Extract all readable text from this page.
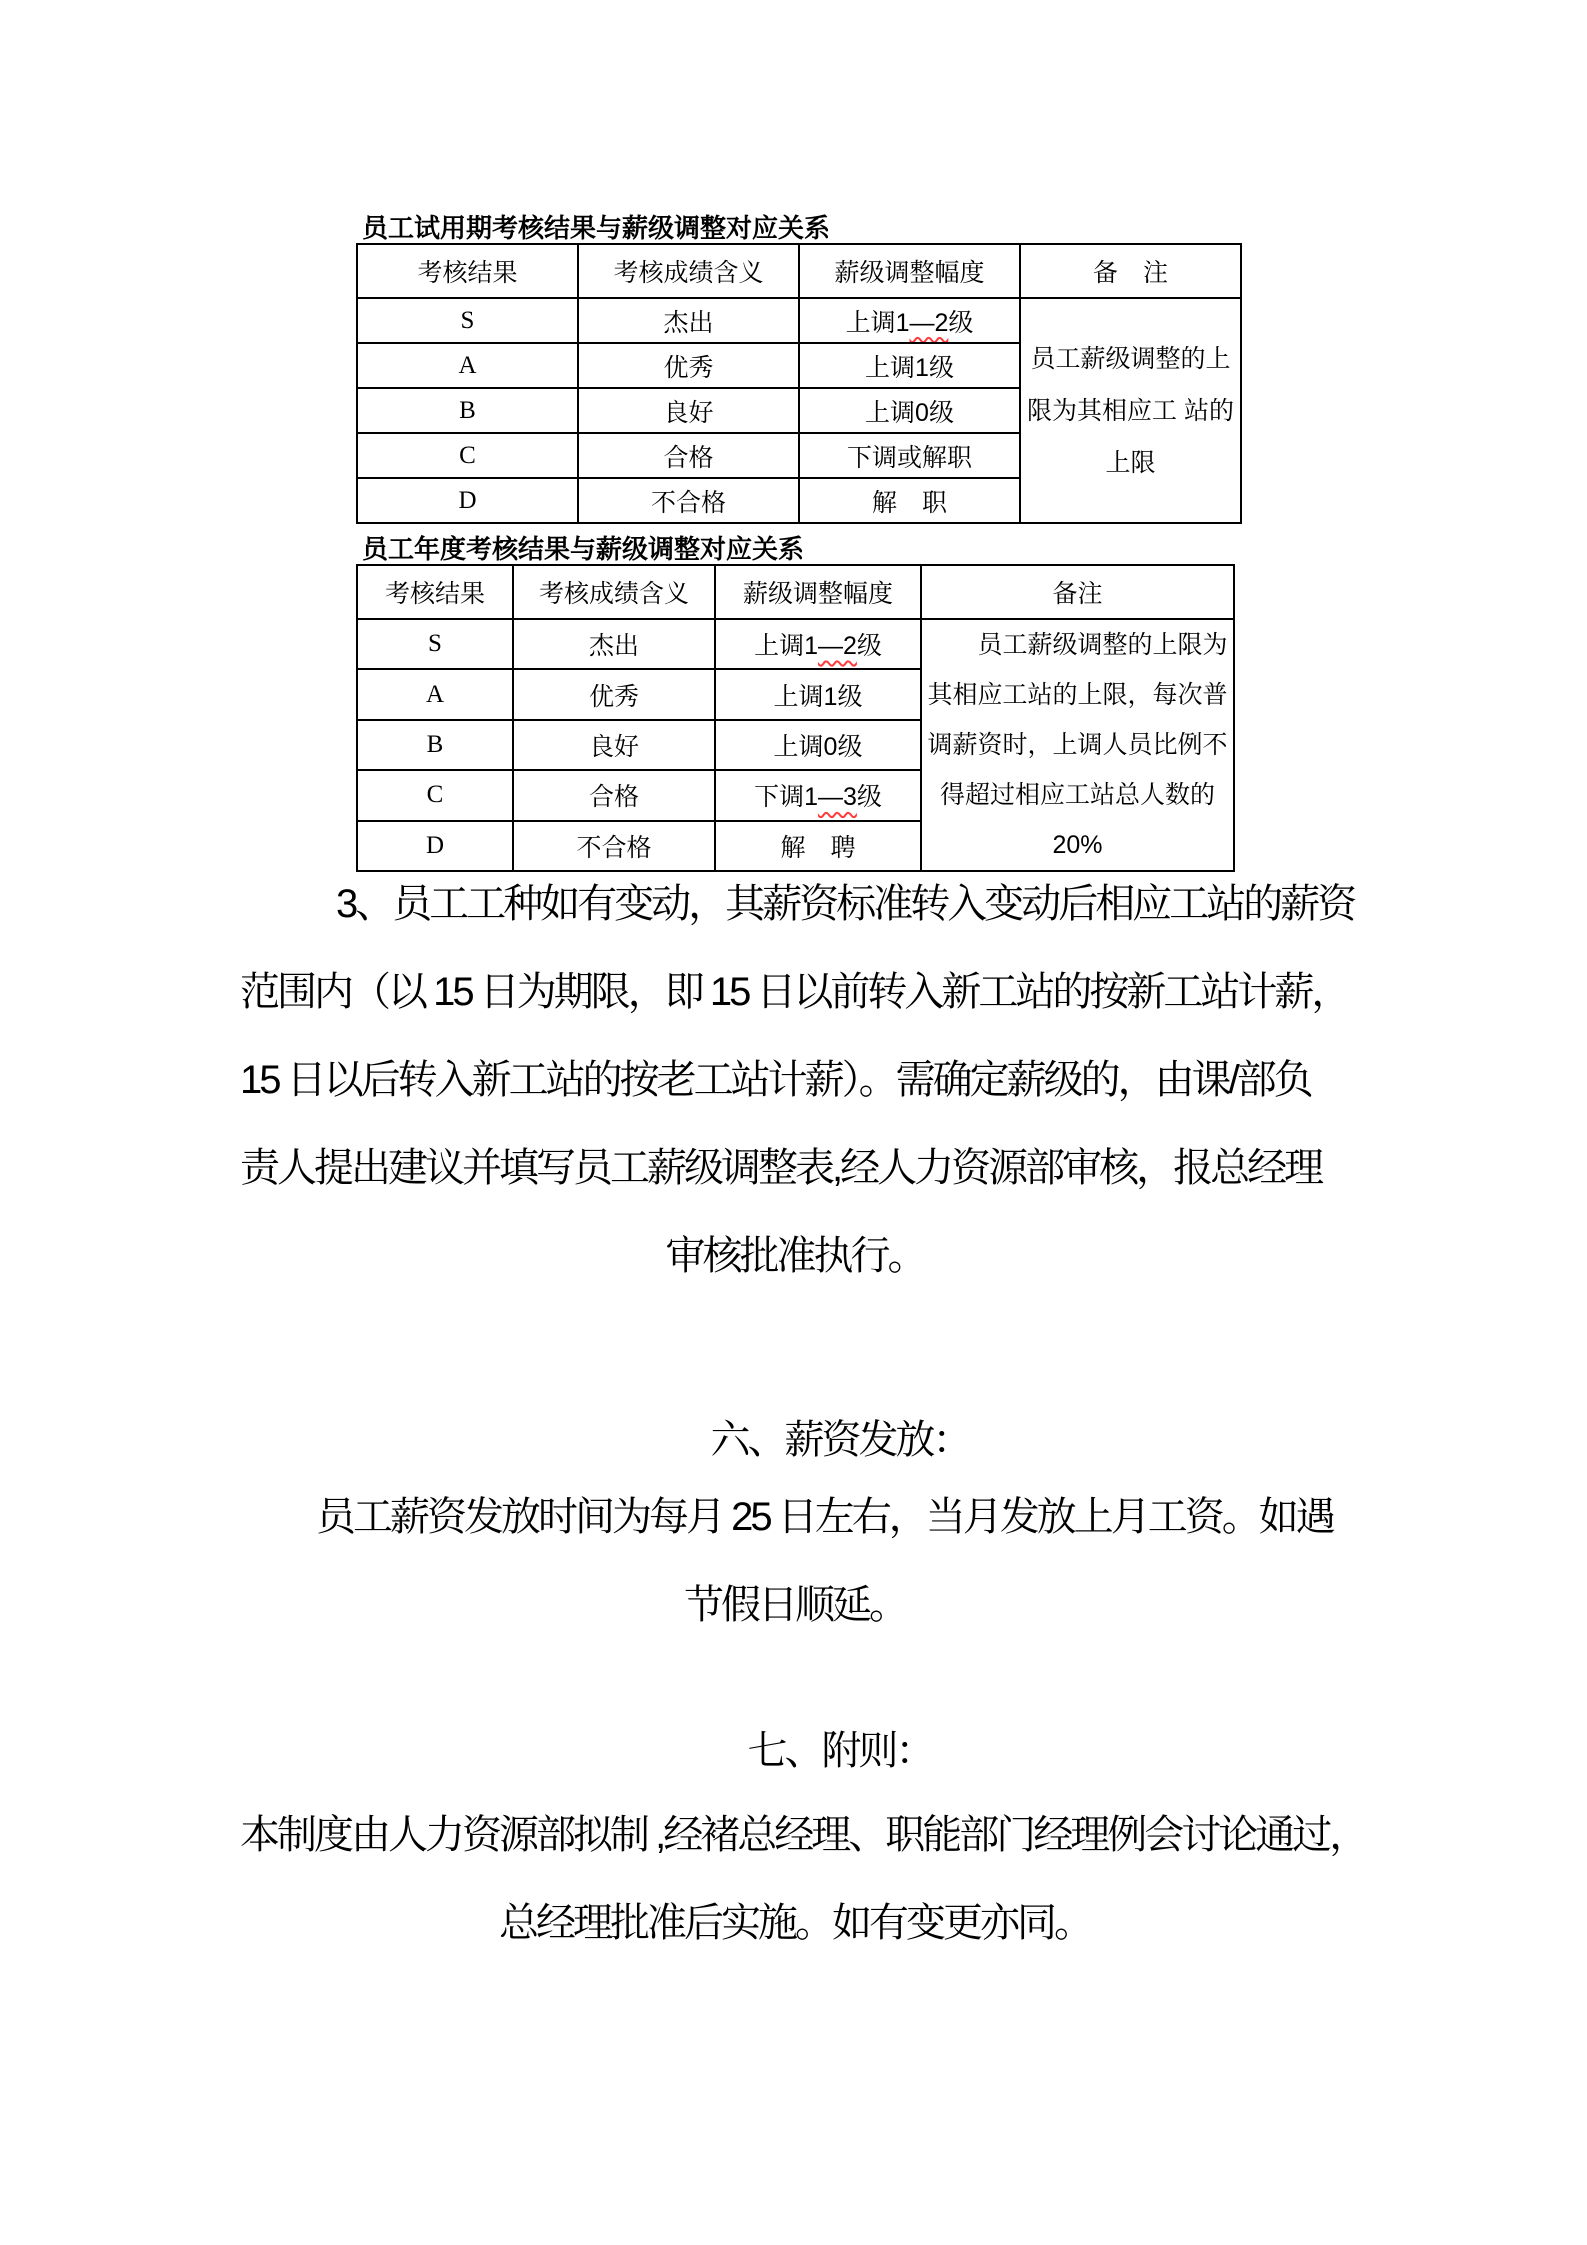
员工试用期考核结果与薪级调整对应关系
考核结果	考核成绩含义	薪级调整幅度	备　注
S	杰出	上调1—2级	员工薪级调整的上限为其相应工 站的上限
A	优秀	上调1级	
B	良好	上调0级	
C	合格	下调或解职	
D	不合格	解　职	
员工年度考核结果与薪级调整对应关系
考核结果	考核成绩含义	薪级调整幅度	备注
S	杰出	上调1—2级	员工薪级调整的上限为其相应工站的上限，每次普调薪资时，上调人员比例不得超过相应工站总人数的 20%
A	优秀	上调1级	
B	良好	上调0级	
C	合格	下调1—3级	
D	不合格	解　聘	
3、员工工种如有变动，其薪资标准转入变动后相应工站的薪资
范围内（以 15 日为期限，即 15 日以前转入新工站的按新工站计薪，
15 日以后转入新工站的按老工站计薪）。需确定薪级的，由课/部负
责人提出建议并填写员工薪级调整表,经人力资源部审核，报总经理
审核批准执行。
六、薪资发放：
员工薪资发放时间为每月 25 日左右，当月发放上月工资。如遇
节假日顺延。
七、附则：
本制度由人力资源部拟制 ,经褚总经理、职能部门经理例会讨论通过，
总经理批准后实施。如有变更亦同。
